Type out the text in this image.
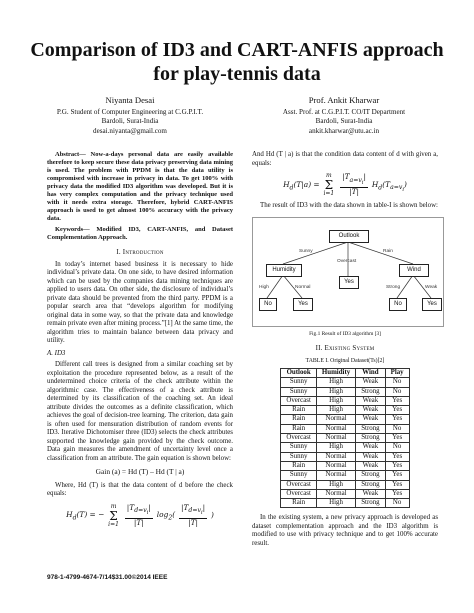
Comparison of ID3 and CART-ANFIS approach
for play-tennis data
Niyanta Desai
P.G. Student of Computer Engineering at C.G.P.I.T.
Bardoli, Surat-India
desai.niyanta@gmail.com
Prof. Ankit Kharwar
Asst. Prof. at C.G.P.I.T. CO/IT Department
Bardoli, Surat-India
ankit.kharwar@utu.ac.in

Abstract— Now-a-days personal data are easily available therefore to keep secure these data privacy preserving data mining is used. The problem with PPDM is that the data utility is compromised with increase in privacy in data. To get 100% with privacy data the modified ID3 algorithm was developed. But it is has very complex computation and the privacy technique used with it needs extra storage. Therefore, hybrid CART-ANFIS approach is used to get almost 100% accuracy with the privacy data.

Keywords— Modified ID3, CART-ANFIS, and Dataset Complementation Approach.

I. Introduction

In today’s internet based business it is necessary to hide individual’s private data. On one side, to have desired information which can be used by the companies data mining techniques are applied to users data. On other side, the disclosure of individual’s private data should be prevented from the third party. PPDM is a popular search area that “develops algorithm for modifying original data in some way, so that the private data and knowledge remain private even after mining process.”[1] At the same time, the algorithm tries to maintain balance between data privacy and utility.

A. ID3

Different call trees is designed from a similar coaching set by exploitation the procedure represented below, as a result of the undetermined choice criteria of the check attribute within the algorithmic case. The effectiveness of a check attribute is determined by its classification of the coaching set. An ideal attribute divides the outcomes as a definite classification, which achieves the goal of decision-tree learning. The criterion, data gain is often used for mensuration distribution of random events for ID3. Iterative Dichotomiser three (ID3) selects the check attributes supported the knowledge gain provided by the check outcome. Data gain measures the amendment of uncertainty level once a classification from an attribute. The gain equation is shown below:

Gain (a) = Hd (T) – Hd (T | a)

Where, Hd (T) is that the data content of d before the check equals:

$H_d(T)$ = −
m
Σ
i=1
$\frac{|T_{d=v_i}|}{|T|} \log_2( \frac{|T_{d=v_i}|}{|T|}$ )

And Hd (T | a) is that the condition data content of d with given a, equals:

$H_d(T|a)$ =
m
Σ
i=1
$\frac{|T_{a=v_i}|}{|T|} H_d(T_{a=v_i})$

The result of ID3 with the data shown in table-I is shown below:

Outlook
Sunny
Overcast
Rain
Humidity
Yes
Wind
High	Normal	Strong	Weak
No	Yes	No	Yes
Fig.1 Result of ID3 algorithm [3]
II. Existing System
TABLE I. Original Dataset(Ts)[2]
Outlook	Humidity	Wind	Play
Sunny	High	Weak	No
Sunny	High	Strong	No
Overcast	High	Weak	Yes
Rain	High	Weak	Yes
Rain	Normal	Weak	Yes
Rain	Normal	Strong	No
Overcast	Normal	Strong	Yes
Sunny	High	Weak	No
Sunny	Normal	Weak	Yes
Rain	Normal	Weak	Yes
Sunny	Normal	Strong	Yes
Overcast	High	Strong	Yes
Overcast	Normal	Weak	Yes
Rain	High	Strong	No

In the existing system, a new privacy approach is developed as dataset complementation approach and the ID3 algorithm is modified to use with privacy technique and to get 100% accurate result.

978-1-4799-4674-7/14$31.00©2014 IEEE
